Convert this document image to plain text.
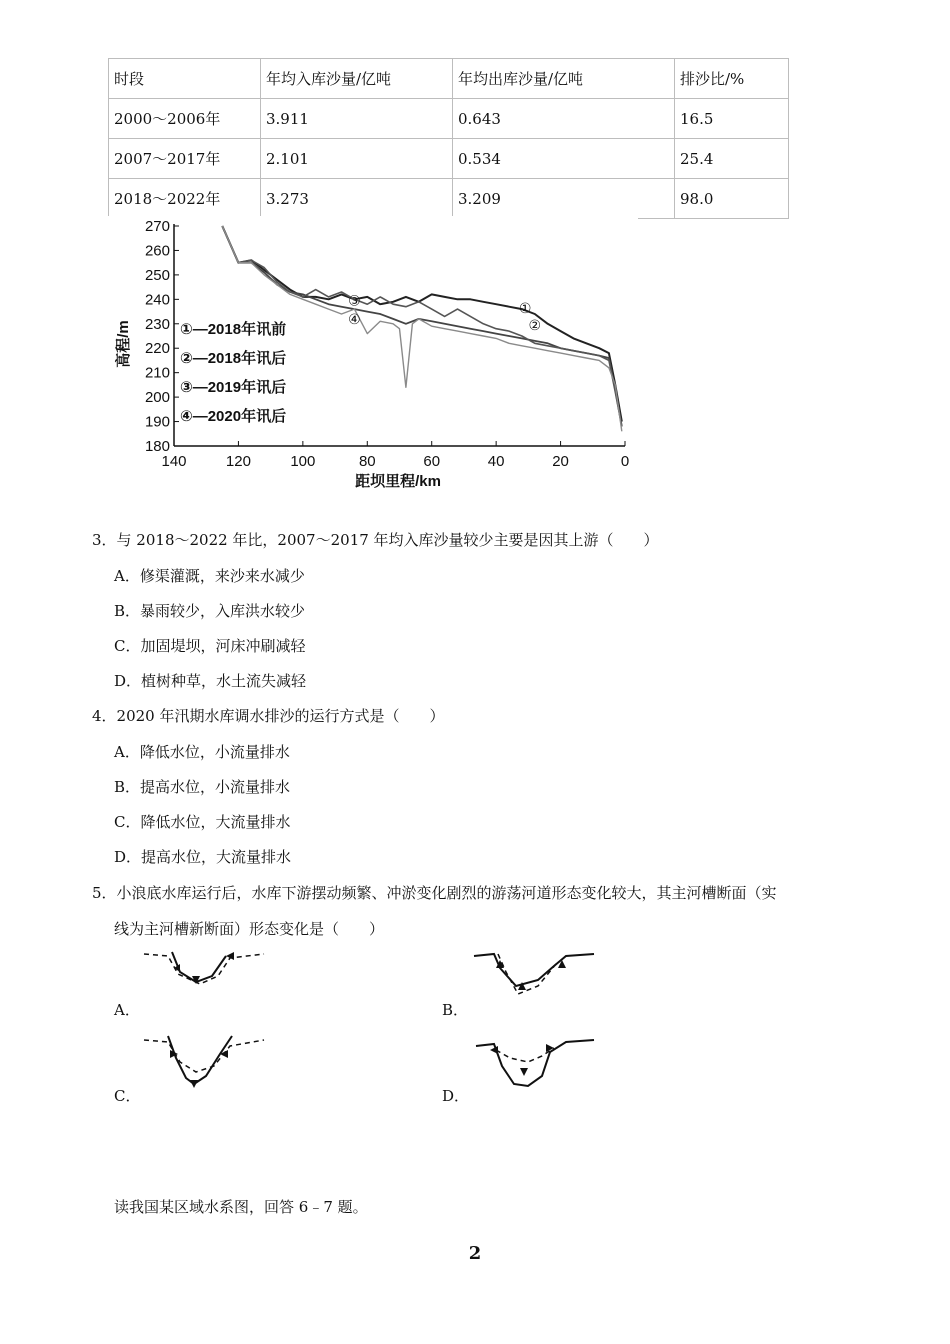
时段	年均入库沙量/亿吨	年均出库沙量/亿吨	排沙比/%
2000～2006年	3.911	0.643	16.5
2007～2017年	2.101	0.534	25.4
2018～2022年	3.273	3.209	98.0
270
260
250
240
230
220
210
200
190
180
140	120	100	80	60	40	20	0
高程/m
距坝里程/km
①—2018年讯前
②—2018年讯后
③—2019年讯后
④—2020年讯后
①
②
③
④
3．与 2018～2022 年比，2007～2017 年均入库沙量较少主要是因其上游（　　）
A．修渠灌溉，来沙来水减少
B．暴雨较少，入库洪水较少
C．加固堤坝，河床冲刷减轻
D．植树种草，水土流失减轻
4．2020 年汛期水库调水排沙的运行方式是（　　）
A．降低水位，小流量排水
B．提高水位，小流量排水
C．降低水位，大流量排水
D．提高水位，大流量排水
5．小浪底水库运行后，水库下游摆动频繁、冲淤变化剧烈的游荡河道形态变化较大，其主河槽断面（实
线为主河槽新断面）形态变化是（　　）
A．	B．
C．	D．
读我国某区域水系图，回答 6﹣7 题。
2
